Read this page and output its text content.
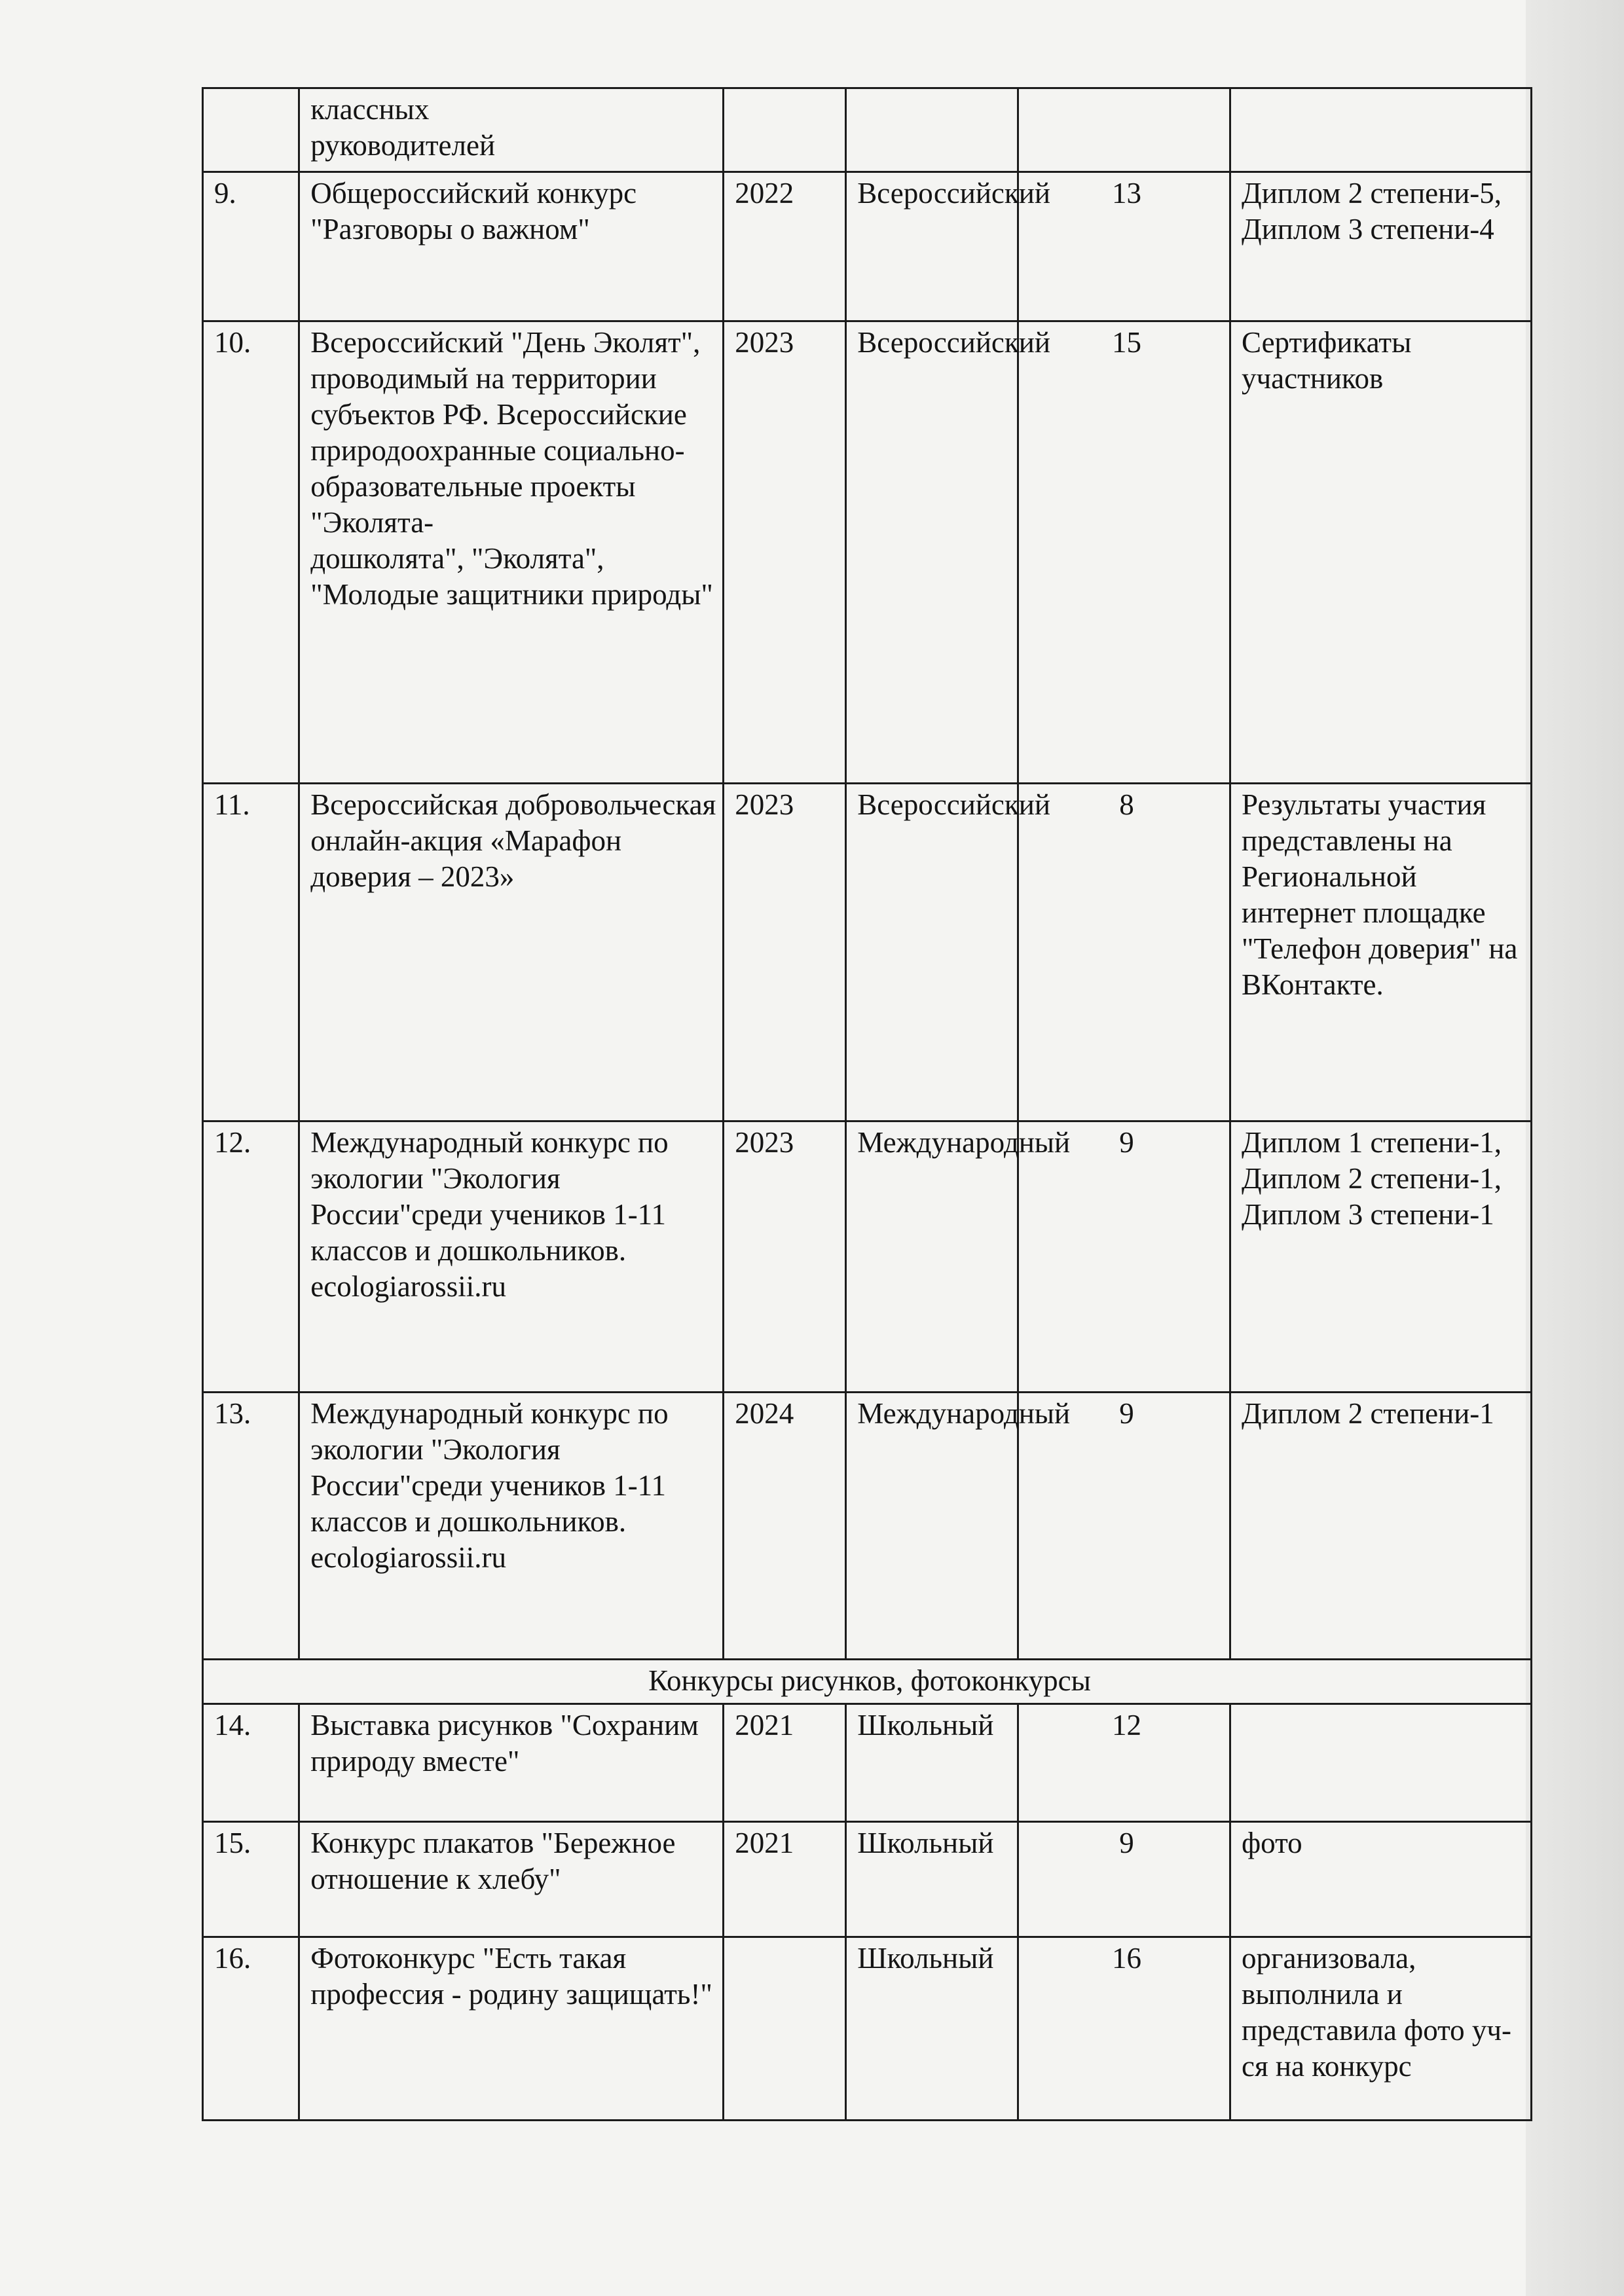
	классных
руководителей				
9.	Общероссийский конкурс "Разговоры о важном"	2022	Всероссийский	13	Диплом 2 степени-5,
Диплом 3 степени-4
10.	Всероссийский "День Эколят", проводимый на территории субъектов РФ. Всероссийские природоохранные социально-
образовательные проекты "Эколята-
дошколята", "Эколята", "Молодые защитники природы"	2023	Всероссийский	15	Сертификаты участников
11.	Всероссийская добровольческая онлайн-акция «Марафон доверия – 2023»	2023	Всероссийский	8	Результаты участия представлены на Региональной интернет площадке "Телефон доверия" на ВКонтакте.
12.	Международный конкурс по экологии "Экология России"среди учеников 1-11 классов и дошкольников. ecologiarossii.ru	2023	Международный	9	Диплом 1 степени-1,
Диплом 2 степени-1,
Диплом 3 степени-1
13.	Международный конкурс по экологии "Экология России"среди учеников 1-11 классов и дошкольников. ecologiarossii.ru	2024	Международный	9	Диплом 2 степени-1
Конкурсы рисунков, фотоконкурсы					
14.	Выставка рисунков "Сохраним природу вместе"	2021	Школьный	12	
15.	Конкурс плакатов "Бережное отношение к хлебу"	2021	Школьный	9	фото
16.	Фотоконкурс "Есть такая профессия - родину защищать!"		Школьный	16	организовала, выполнила и представила фото уч-ся на конкурс
